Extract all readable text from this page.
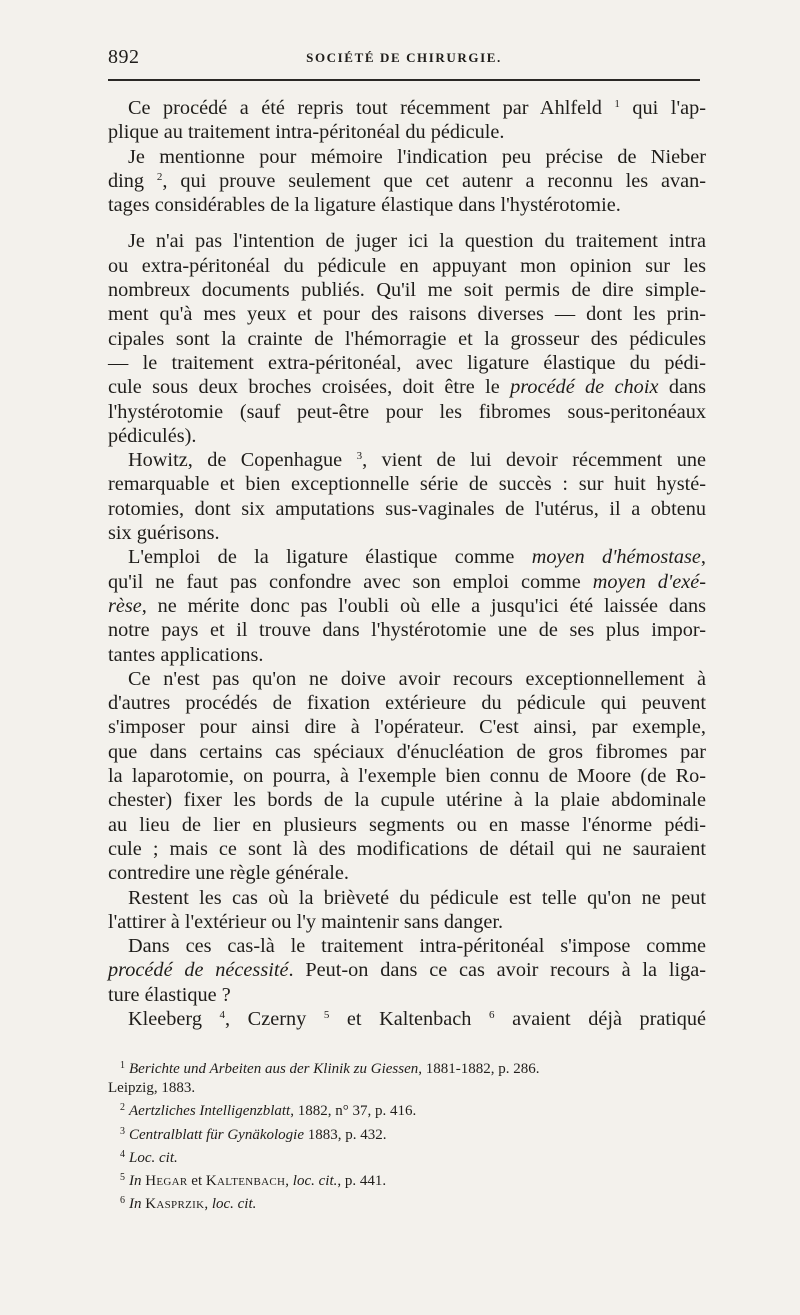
892	SOCIÉTÉ DE CHIRURGIE.
Ce procédé a été repris tout récemment par Ahlfeld $^1$ qui l'ap-
plique au traitement intra-péritonéal du pédicule.
Je mentionne pour mémoire l'indication peu précise de Nieber
ding $^2$, qui prouve seulement que cet autenr a reconnu les avan-
tages considérables de la ligature élastique dans l'hystérotomie.
Je n'ai pas l'intention de juger ici la question du traitement intra
ou extra-péritonéal du pédicule en appuyant mon opinion sur les
nombreux documents publiés. Qu'il me soit permis de dire simple-
ment qu'à mes yeux et pour des raisons diverses — dont les prin-
cipales sont la crainte de l'hémorragie et la grosseur des pédicules
— le traitement extra-péritonéal, avec ligature élastique du pédi-
cule sous deux broches croisées, doit être le procédé de choix dans
l'hystérotomie (sauf peut-être pour les fibromes sous-peritonéaux
pédiculés).
Howitz, de Copenhague $^3$, vient de lui devoir récemment une
remarquable et bien exceptionnelle série de succès : sur huit hysté-
rotomies, dont six amputations sus-vaginales de l'utérus, il a obtenu
six guérisons.
L'emploi de la ligature élastique comme moyen d'hémostase,
qu'il ne faut pas confondre avec son emploi comme moyen d'exé-
rèse, ne mérite donc pas l'oubli où elle a jusqu'ici été laissée dans
notre pays et il trouve dans l'hystérotomie une de ses plus impor-
tantes applications.
Ce n'est pas qu'on ne doive avoir recours exceptionnellement à
d'autres procédés de fixation extérieure du pédicule qui peuvent
s'imposer pour ainsi dire à l'opérateur. C'est ainsi, par exemple,
que dans certains cas spéciaux d'énucléation de gros fibromes par
la laparotomie, on pourra, à l'exemple bien connu de Moore (de Ro-
chester) fixer les bords de la cupule utérine à la plaie abdominale
au lieu de lier en plusieurs segments ou en masse l'énorme pédi-
cule ; mais ce sont là des modifications de détail qui ne sauraient
contredire une règle générale.
Restent les cas où la brièveté du pédicule est telle qu'on ne peut
l'attirer à l'extérieur ou l'y maintenir sans danger.
Dans ces cas-là le traitement intra-péritonéal s'impose comme
procédé de nécessité. Peut-on dans ce cas avoir recours à la liga-
ture élastique ?
Kleeberg $^4$, Czerny $^5$ et Kaltenbach $^6$ avaient déjà pratiqué
$^1$ Berichte und Arbeiten aus der Klinik zu Giessen, 1881-1882, p. 286.
Leipzig, 1883.
$^2$ Aertzliches Intelligenzblatt, 1882, n° 37, p. 416.
$^3$ Centralblatt für Gynäkologie 1883, p. 432.
$^4$ Loc. cit.
$^5$ In Hegar et Kaltenbach, loc. cit., p. 441.
$^6$ In Kasprzik, loc. cit.
